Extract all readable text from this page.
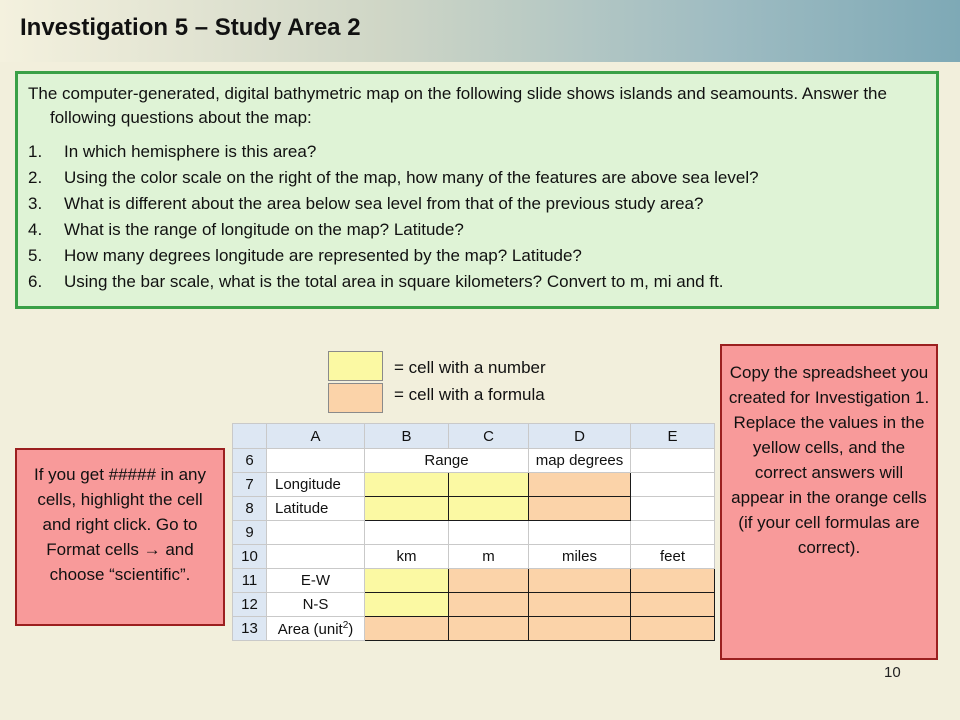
Investigation 5 – Study Area 2
The computer-generated, digital bathymetric map on the following slide shows islands and seamounts. Answer the following questions about the map:
1.	In which hemisphere is this area?
2.	Using the color scale on the right of the map, how many of the features are above sea level?
3.	What is different about the area below sea level from that of the previous study area?
4.	What is the range of longitude on the map? Latitude?
5.	How many degrees longitude are represented by the map? Latitude?
6.	Using the bar scale, what is the total area in square kilometers? Convert to m, mi and ft.
= cell with a number
= cell with a formula
	A	B	C	D	E
6		Range		map degrees	
7	Longitude				
8	Latitude				
9					
10		km	m	miles	feet
11	E-W				
12	N-S				
13	Area (unit$^2$)				
If you get ##### in any cells, highlight the cell and right click. Go to Format cells → and choose “scientific”.
Copy the spreadsheet you created for Investigation 1. Replace the values in the yellow cells, and the correct answers will appear in the orange cells (if your cell formulas are correct).
10
